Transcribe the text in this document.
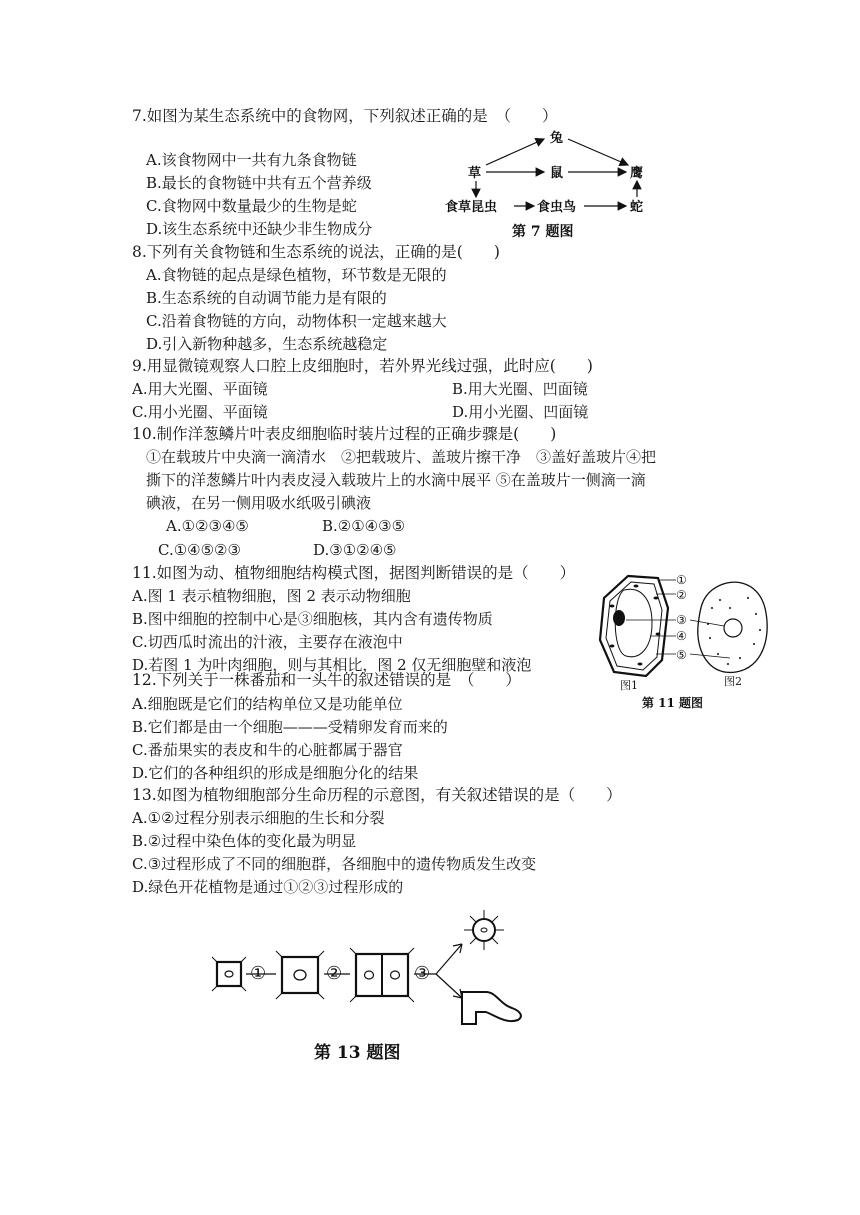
7.如图为某生态系统中的食物网，下列叙述正确的是　（　　）
A.该食物网中一共有九条食物链
B.最长的食物链中共有五个营养级
C.食物网中数量最少的生物是蛇
D.该生态系统中还缺少非生物成分
兔
草	鼠	鹰
食草昆虫	食虫鸟	蛇
第 7 题图
8.下列有关食物链和生态系统的说法，正确的是(　　)
A.食物链的起点是绿色植物，环节数是无限的
B.生态系统的自动调节能力是有限的
C.沿着食物链的方向，动物体积一定越来越大
D.引入新物种越多，生态系统越稳定
9.用显微镜观察人口腔上皮细胞时，若外界光线过强，此时应(　　)
A.用大光圈、平面镜	B.用大光圈、凹面镜
C.用小光圈、平面镜	D.用小光圈、凹面镜
10.制作洋葱鳞片叶表皮细胞临时装片过程的正确步骤是(　　)
①在载玻片中央滴一滴清水　②把载玻片、盖玻片擦干净　③盖好盖玻片④把
撕下的洋葱鳞片叶内表皮浸入载玻片上的水滴中展平 ⑤在盖玻片一侧滴一滴
碘液，在另一侧用吸水纸吸引碘液
A.①②③④⑤	B.②①④③⑤
C.①④⑤②③	D.③①②④⑤
11.如图为动、植物细胞结构模式图，据图判断错误的是（　　）
A.图 1 表示植物细胞，图 2 表示动物细胞
B.图中细胞的控制中心是③细胞核，其内含有遗传物质
C.切西瓜时流出的汁液，主要存在液泡中
D.若图 1 为叶肉细胞，则与其相比，图 2 仅无细胞壁和液泡
①
②
③
④
⑤
图1	图2
第 11 题图
12.下列关于一株番茄和一头牛的叙述错误的是　（　　）
A.细胞既是它们的结构单位又是功能单位
B.它们都是由一个细胞———受精卵发育而来的
C.番茄果实的表皮和牛的心脏都属于器官
D.它们的各种组织的形成是细胞分化的结果
13.如图为植物细胞部分生命历程的示意图，有关叙述错误的是（　　）
A.①②过程分别表示细胞的生长和分裂
B.②过程中染色体的变化最为明显
C.③过程形成了不同的细胞群，各细胞中的遗传物质发生改变
D.绿色开花植物是通过①②③过程形成的
①	②	③
第 13 题图
